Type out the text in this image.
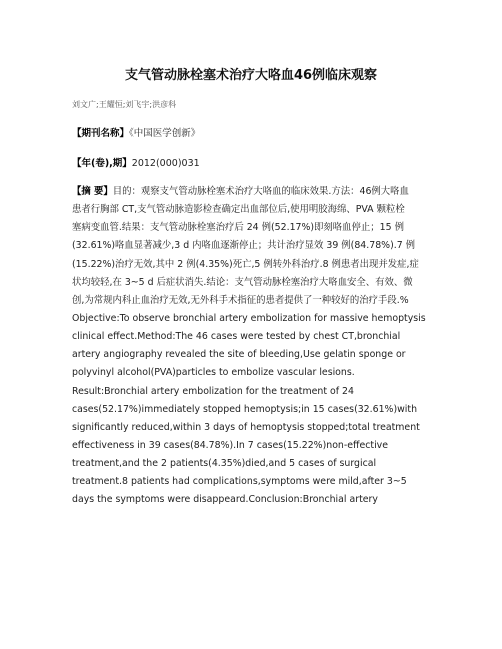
支气管动脉栓塞术治疗大咯血46例临床观察
刘文广;王耀恒;刘飞宇;洪彦科
【期刊名称】《中国医学创新》
【年(卷),期】2012(000)031
【摘 要】目的：观察支气管动脉栓塞术治疗大咯血的临床效果.方法：46例大咯血
患者行胸部 CT,支气管动脉造影检查确定出血部位后,使用明胶海绵、PVA 颗粒栓
塞病变血管.结果：支气管动脉栓塞治疗后 24 例(52.17%)即刻咯血停止；15 例
(32.61%)咯血显著减少,3 d 内咯血逐渐停止；共计治疗显效 39 例(84.78%).7 例
(15.22%)治疗无效,其中 2 例(4.35%)死亡,5 例转外科治疗.8 例患者出现并发症,症
状均较轻,在 3~5 d 后症状消失.结论：支气管动脉栓塞治疗大咯血安全、有效、微
创,为常规内科止血治疗无效,无外科手术指征的患者提供了一种较好的治疗手段.%
Objective:To observe bronchial artery embolization for massive hemoptysis
clinical effect.Method:The 46 cases were tested by chest CT,bronchial
artery angiography revealed the site of bleeding,Use gelatin sponge or
polyvinyl alcohol(PVA)particles to embolize vascular lesions.
Result:Bronchial artery embolization for the treatment of 24
cases(52.17%)immediately stopped hemoptysis;in 15 cases(32.61%)with
significantly reduced,within 3 days of hemoptysis stopped;total treatment
effectiveness in 39 cases(84.78%).In 7 cases(15.22%)non-effective
treatment,and the 2 patients(4.35%)died,and 5 cases of surgical
treatment.8 patients had complications,symptoms were mild,after 3~5
days the symptoms were disappeard.Conclusion:Bronchial artery
